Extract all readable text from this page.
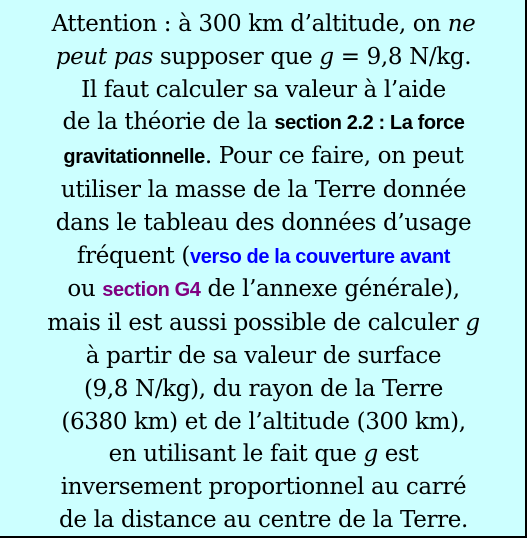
Attention : à 300 km d’altitude, on ne
peut pas supposer que g = 9,8 N/kg.
Il faut calculer sa valeur à l’aide
de la théorie de la section 2.2 : La force
gravitationnelle. Pour ce faire, on peut
utiliser la masse de la Terre donnée
dans le tableau des données d’usage
fréquent (verso de la couverture avant
ou section G4 de l’annexe générale),
mais il est aussi possible de calculer g
à partir de sa valeur de surface
(9,8 N/kg), du rayon de la Terre
(6380 km) et de l’altitude (300 km),
en utilisant le fait que g est
inversement proportionnel au carré
de la distance au centre de la Terre.
